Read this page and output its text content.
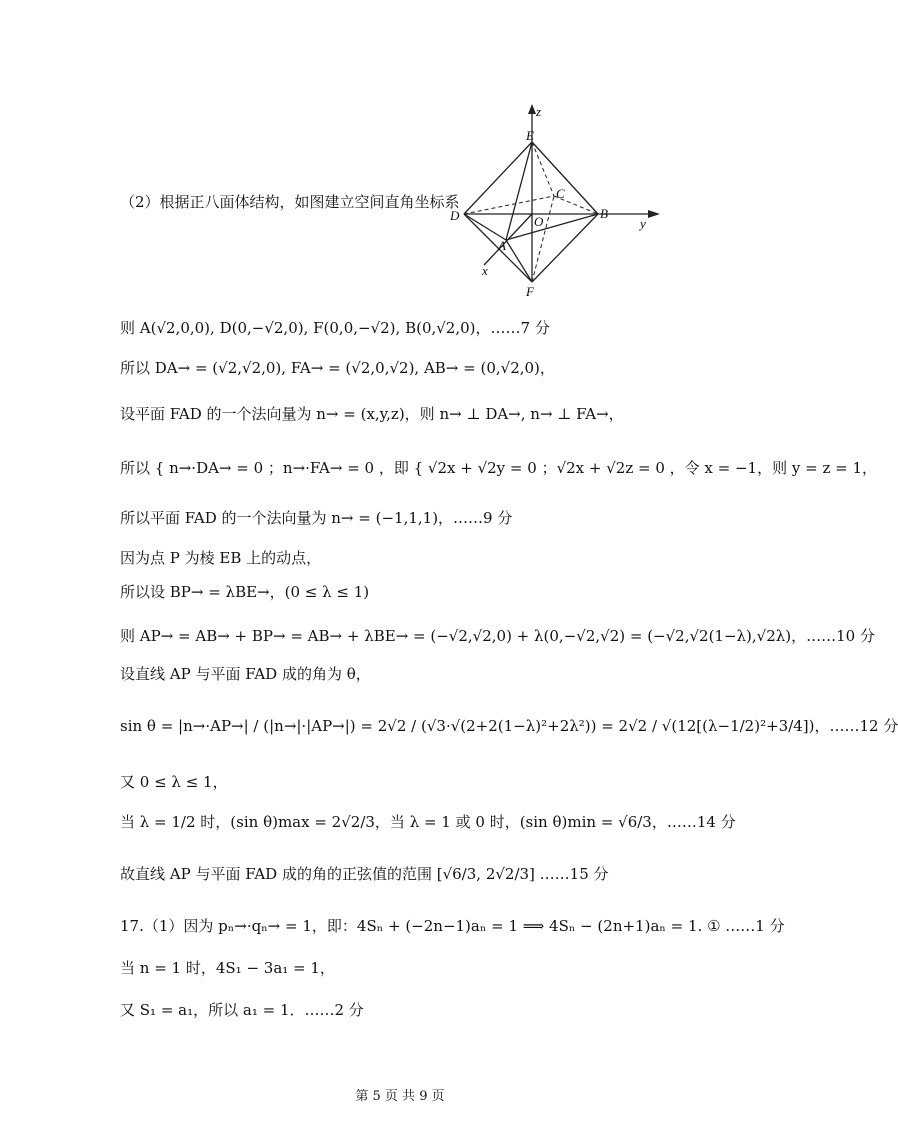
z
y
x
E
F
A
B
C
D	O
（2）根据正八面体结构，如图建立空间直角坐标系
则 A(√2,0,0), D(0,−√2,0), F(0,0,−√2), B(0,√2,0)，……7 分
所以 DA→ = (√2,√2,0), FA→ = (√2,0,√2), AB→ = (0,√2,0)，
设平面 FAD 的一个法向量为 n→ = (x,y,z)，则 n→ ⊥ DA→, n→ ⊥ FA→，
所以 { n→·DA→ = 0 ；n→·FA→ = 0 ，即 { √2x + √2y = 0 ；√2x + √2z = 0 ，令 x = −1，则 y = z = 1，
所以平面 FAD 的一个法向量为 n→ = (−1,1,1)，……9 分
因为点 P 为棱 EB 上的动点，
所以设 BP→ = λBE→，(0 ≤ λ ≤ 1)
则 AP→ = AB→ + BP→ = AB→ + λBE→ = (−√2,√2,0) + λ(0,−√2,√2) = (−√2,√2(1−λ),√2λ)，……10 分
设直线 AP 与平面 FAD 成的角为 θ，
sin θ = |n→·AP→| / (|n→|·|AP→|) = 2√2 / (√3·√(2+2(1−λ)²+2λ²)) = 2√2 / √(12[(λ−1/2)²+3/4])，……12 分
又 0 ≤ λ ≤ 1，
当 λ = 1/2 时，(sin θ)max = 2√2/3，当 λ = 1 或 0 时，(sin θ)min = √6/3，……14 分
故直线 AP 与平面 FAD 成的角的正弦值的范围 [√6/3, 2√2/3] ……15 分
17.（1）因为 pₙ→·qₙ→ = 1，即：4Sₙ + (−2n−1)aₙ = 1 ⟹ 4Sₙ − (2n+1)aₙ = 1. ① ……1 分
当 n = 1 时，4S₁ − 3a₁ = 1，
又 S₁ = a₁，所以 a₁ = 1．……2 分
第 5 页 共 9 页
